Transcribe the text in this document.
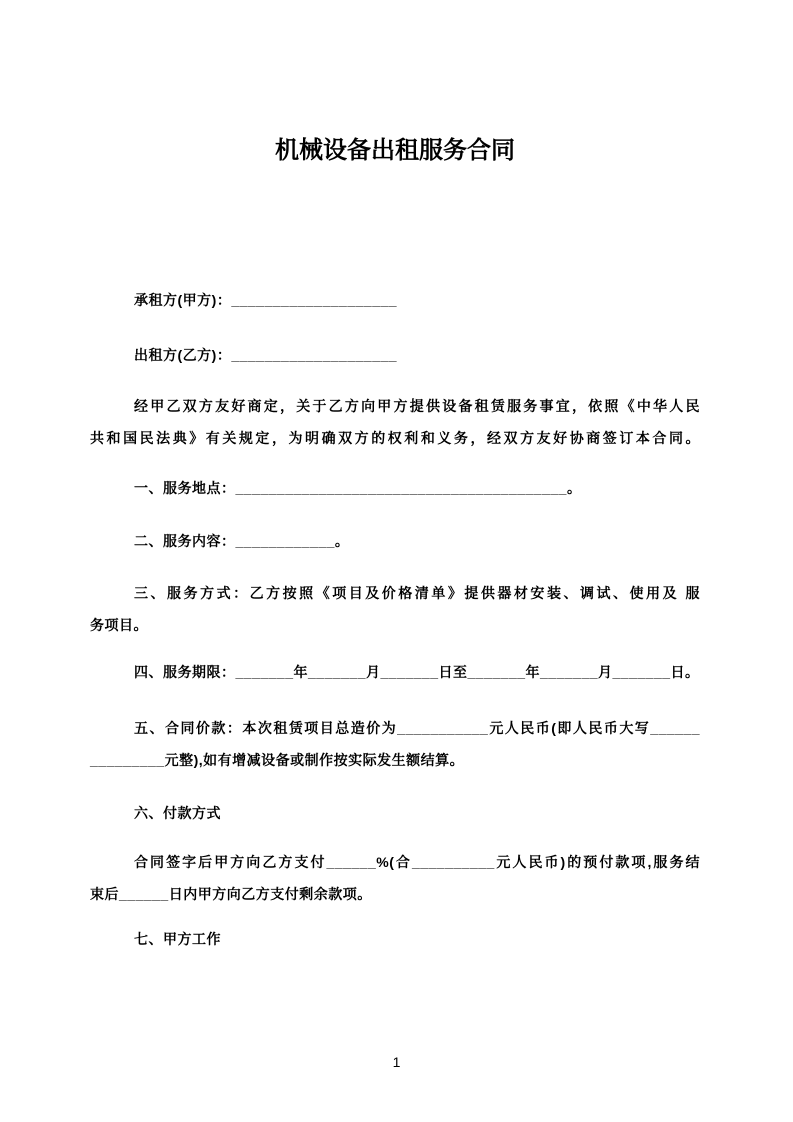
机械设备出租服务合同
承租方(甲方)：____________________
出租方(乙方)：____________________
经甲乙双方友好商定，关于乙方向甲方提供设备租赁服务事宜，依照《中华人民
共和国民法典》有关规定，为明确双方的权利和义务，经双方友好协商签订本合同。
一、服务地点：________________________________________。
二、服务内容：____________。
三、服务方式：乙方按照《项目及价格清单》提供器材安装、调试、使用及 服
务项目。
四、服务期限：_______年_______月_______日至_______年_______月_______日。
五、合同价款：本次租赁项目总造价为___________元人民币(即人民币大写______
_________元整),如有增减设备或制作按实际发生额结算。
六、付款方式
合同签字后甲方向乙方支付______%(合__________元人民币)的预付款项,服务结
束后______日内甲方向乙方支付剩余款项。
七、甲方工作
1
